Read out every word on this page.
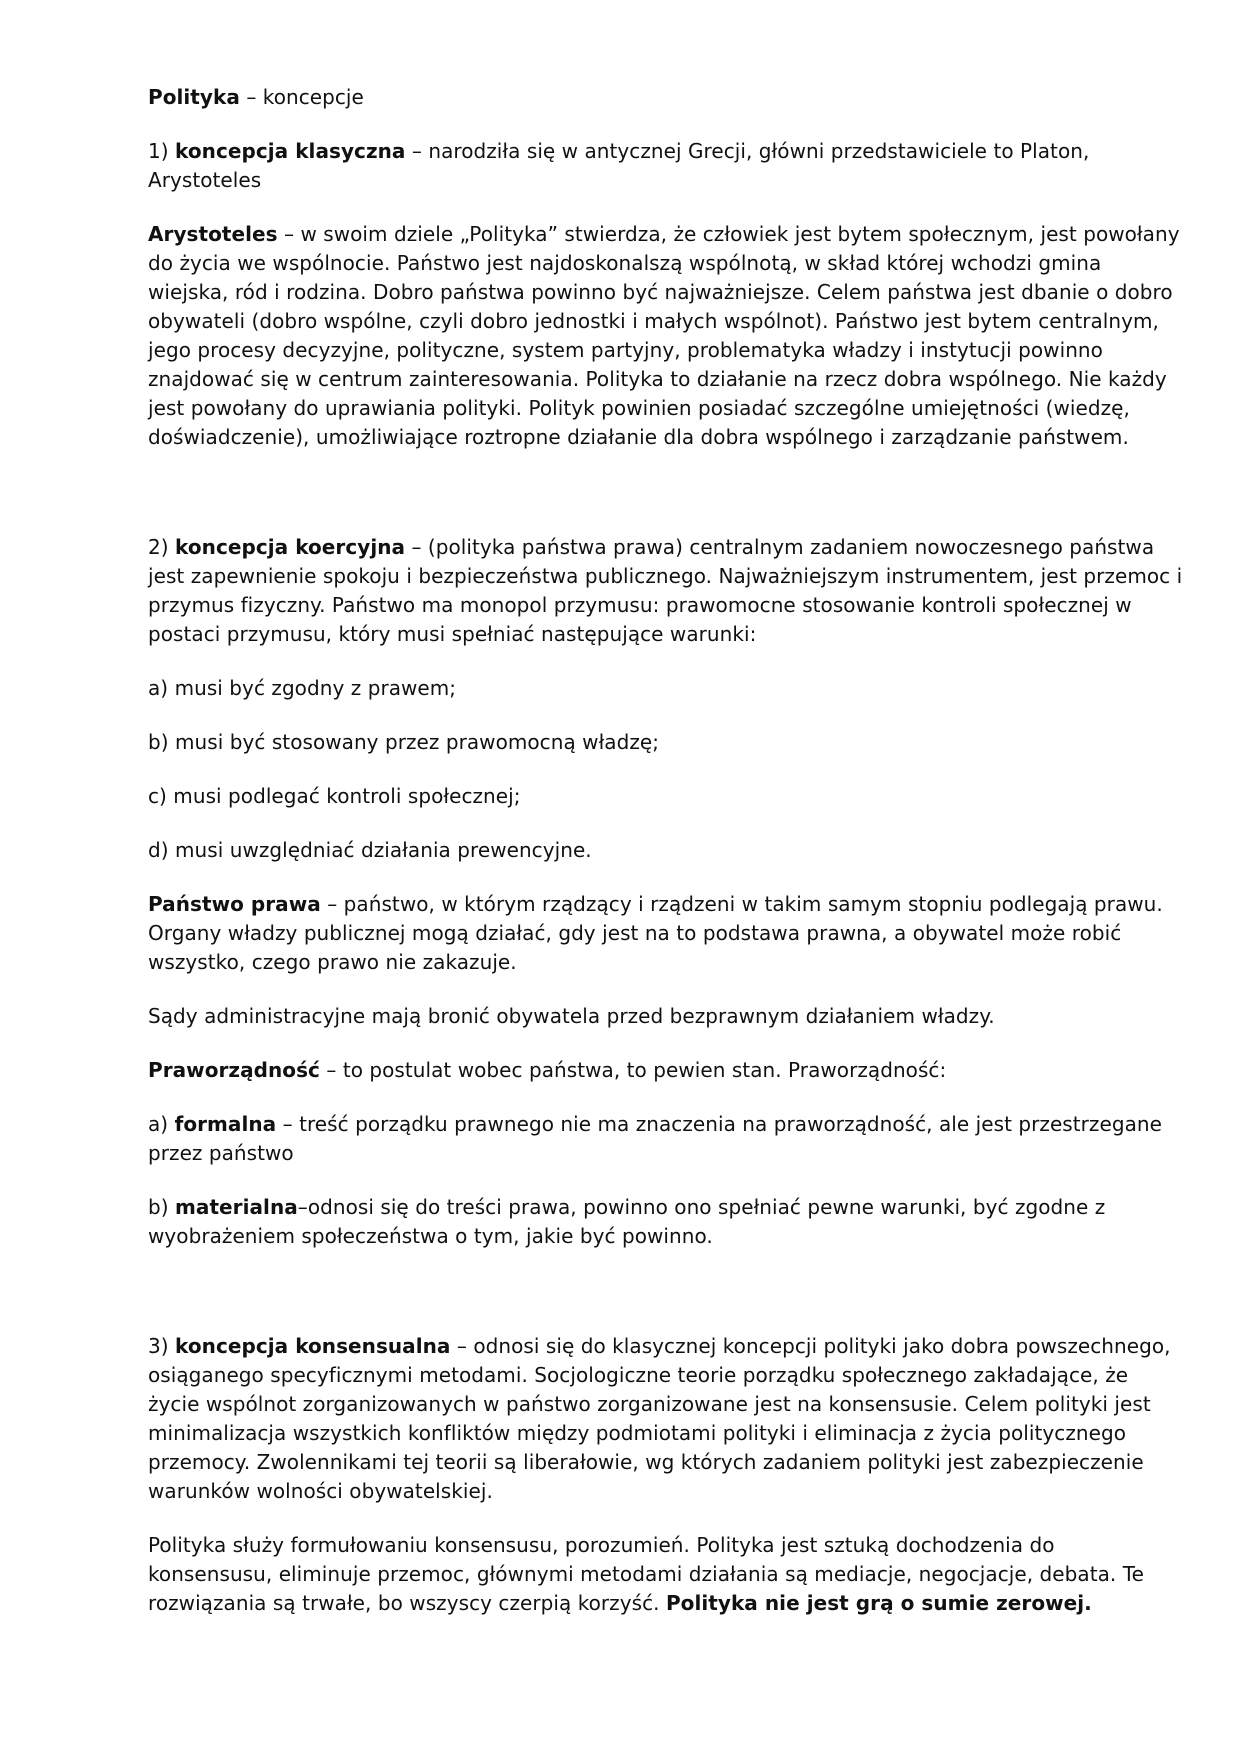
Polityka – koncepcje

1) koncepcja klasyczna – narodziła się w antycznej Grecji, główni przedstawiciele to Platon, Arystoteles

Arystoteles – w swoim dziele „Polityka” stwierdza, że człowiek jest bytem społecznym, jest powołany do życia we wspólnocie. Państwo jest najdoskonalszą wspólnotą, w skład której wchodzi gmina wiejska, ród i rodzina. Dobro państwa powinno być najważniejsze. Celem państwa jest dbanie o dobro obywateli (dobro wspólne, czyli dobro jednostki i małych wspólnot). Państwo jest bytem centralnym, jego procesy decyzyjne, polityczne, system partyjny, problematyka władzy i instytucji powinno znajdować się w centrum zainteresowania. Polityka to działanie na rzecz dobra wspólnego. Nie każdy jest powołany do uprawiania polityki. Polityk powinien posiadać szczególne umiejętności (wiedzę, doświadczenie), umożliwiające roztropne działanie dla dobra wspólnego i zarządzanie państwem.

2) koncepcja koercyjna – (polityka państwa prawa) centralnym zadaniem nowoczesnego państwa jest zapewnienie spokoju i bezpieczeństwa publicznego. Najważniejszym instrumentem, jest przemoc i przymus fizyczny. Państwo ma monopol przymusu: prawomocne stosowanie kontroli społecznej w postaci przymusu, który musi spełniać następujące warunki:

a) musi być zgodny z prawem;

b) musi być stosowany przez prawomocną władzę;

c) musi podlegać kontroli społecznej;

d) musi uwzględniać działania prewencyjne.

Państwo prawa – państwo, w którym rządzący i rządzeni w takim samym stopniu podlegają prawu. Organy władzy publicznej mogą działać, gdy jest na to podstawa prawna, a obywatel może robić wszystko, czego prawo nie zakazuje.

Sądy administracyjne mają bronić obywatela przed bezprawnym działaniem władzy.

Praworządność – to postulat wobec państwa, to pewien stan. Praworządność:

a) formalna – treść porządku prawnego nie ma znaczenia na praworządność, ale jest przestrzegane przez państwo

b) materialna–odnosi się do treści prawa, powinno ono spełniać pewne warunki, być zgodne z wyobrażeniem społeczeństwa o tym, jakie być powinno.

3) koncepcja konsensualna – odnosi się do klasycznej koncepcji polityki jako dobra powszechnego, osiąganego specyficznymi metodami. Socjologiczne teorie porządku społecznego zakładające, że życie wspólnot zorganizowanych w państwo zorganizowane jest na konsensusie. Celem polityki jest minimalizacja wszystkich konfliktów między podmiotami polityki i eliminacja z życia politycznego przemocy. Zwolennikami tej teorii są liberałowie, wg których zadaniem polityki jest zabezpieczenie warunków wolności obywatelskiej.

Polityka służy formułowaniu konsensusu, porozumień. Polityka jest sztuką dochodzenia do konsensusu, eliminuje przemoc, głównymi metodami działania są mediacje, negocjacje, debata. Te rozwiązania są trwałe, bo wszyscy czerpią korzyść. Polityka nie jest grą o sumie zerowej.
